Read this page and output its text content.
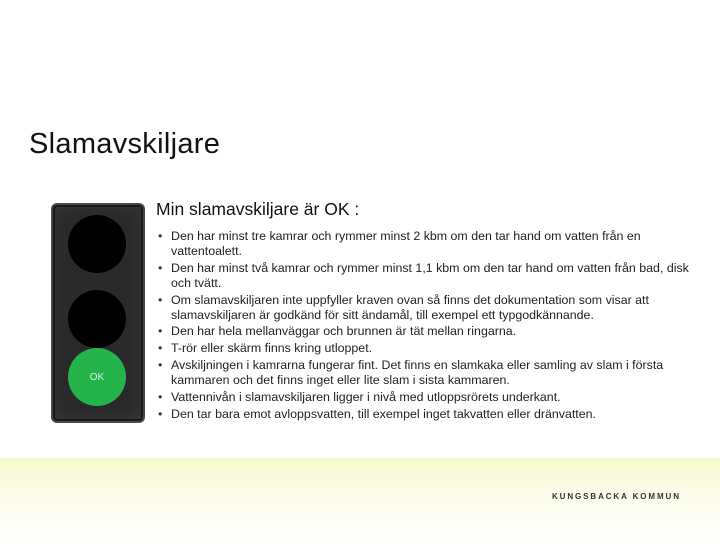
Slamavskiljare
OK
Min slamavskiljare är OK :
• Den har minst tre kamrar och rymmer minst 2 kbm om den tar hand om vatten från en vattentoalett.
• Den har minst två kamrar och rymmer minst 1,1 kbm om den tar hand om vatten från bad, disk och tvätt.
• Om slamavskiljaren inte uppfyller kraven ovan så finns det dokumentation som visar att slamavskiljaren är godkänd för sitt ändamål, till exempel ett typgodkännande.
• Den har hela mellanväggar och brunnen är tät mellan ringarna.
• T-rör eller skärm finns kring utloppet.
• Avskiljningen i kamrarna fungerar fint. Det finns en slamkaka eller samling av slam i första kammaren och det finns inget eller lite slam i sista kammaren.
• Vattennivån i slamavskiljaren ligger i nivå med utloppsrörets underkant.
• Den tar bara emot avloppsvatten, till exempel inget takvatten eller dränvatten.
KUNGSBACKA KOMMUN
